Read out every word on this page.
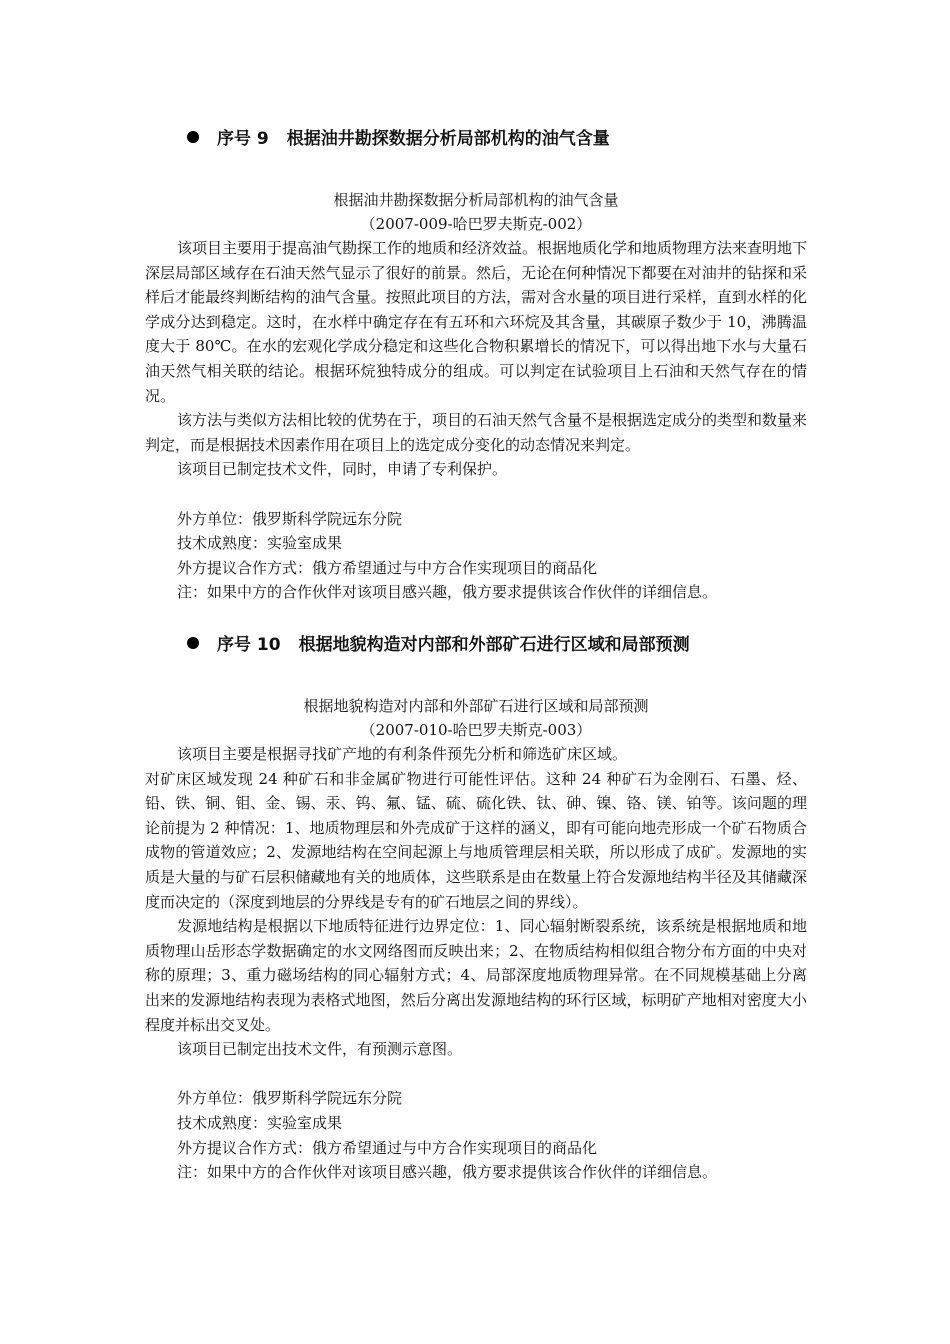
序号 9 根据油井勘探数据分析局部机构的油气含量
根据油井勘探数据分析局部机构的油气含量
（2007-009-哈巴罗夫斯克-002）

该项目主要用于提高油气勘探工作的地质和经济效益。根据地质化学和地质物理方法来查明地下深层局部区域存在石油天然气显示了很好的前景。然后，无论在何种情况下都要在对油井的钻探和采样后才能最终判断结构的油气含量。按照此项目的方法，需对含水量的项目进行采样，直到水样的化学成分达到稳定。这时，在水样中确定存在有五环和六环烷及其含量，其碳原子数少于 10，沸腾温度大于 80℃。在水的宏观化学成分稳定和这些化合物积累增长的情况下，可以得出地下水与大量石油天然气相关联的结论。根据环烷独特成分的组成。可以判定在试验项目上石油和天然气存在的情况。

该方法与类似方法相比较的优势在于，项目的石油天然气含量不是根据选定成分的类型和数量来判定，而是根据技术因素作用在项目上的选定成分变化的动态情况来判定。

该项目已制定技术文件，同时，申请了专利保护。

外方单位：俄罗斯科学院远东分院

技术成熟度：实验室成果

外方提议合作方式：俄方希望通过与中方合作实现项目的商品化

注：如果中方的合作伙伴对该项目感兴趣，俄方要求提供该合作伙伴的详细信息。

序号 10 根据地貌构造对内部和外部矿石进行区域和局部预测
根据地貌构造对内部和外部矿石进行区域和局部预测
（2007-010-哈巴罗夫斯克-003）

该项目主要是根据寻找矿产地的有利条件预先分析和筛选矿床区域。

对矿床区域发现 24 种矿石和非金属矿物进行可能性评估。这种 24 种矿石为金刚石、石墨、烃、铅、铁、铜、钼、金、锡、汞、钨、氟、锰、硫、硫化铁、钛、砷、镍、铬、镁、铂等。该问题的理论前提为 2 种情况：1、地质物理层和外壳成矿于这样的涵义，即有可能向地壳形成一个矿石物质合成物的管道效应；2、发源地结构在空间起源上与地质管理层相关联，所以形成了成矿。发源地的实质是大量的与矿石层积储藏地有关的地质体，这些联系是由在数量上符合发源地结构半径及其储藏深度而决定的（深度到地层的分界线是专有的矿石地层之间的界线）。

发源地结构是根据以下地质特征进行边界定位：1、同心辐射断裂系统，该系统是根据地质和地质物理山岳形态学数据确定的水文网络图而反映出来；2、在物质结构相似组合物分布方面的中央对称的原理；3、重力磁场结构的同心辐射方式；4、局部深度地质物理异常。在不同规模基础上分离出来的发源地结构表现为表格式地图，然后分离出发源地结构的环行区域，标明矿产地相对密度大小程度并标出交叉处。

该项目已制定出技术文件，有预测示意图。

外方单位：俄罗斯科学院远东分院

技术成熟度：实验室成果

外方提议合作方式：俄方希望通过与中方合作实现项目的商品化

注：如果中方的合作伙伴对该项目感兴趣，俄方要求提供该合作伙伴的详细信息。
